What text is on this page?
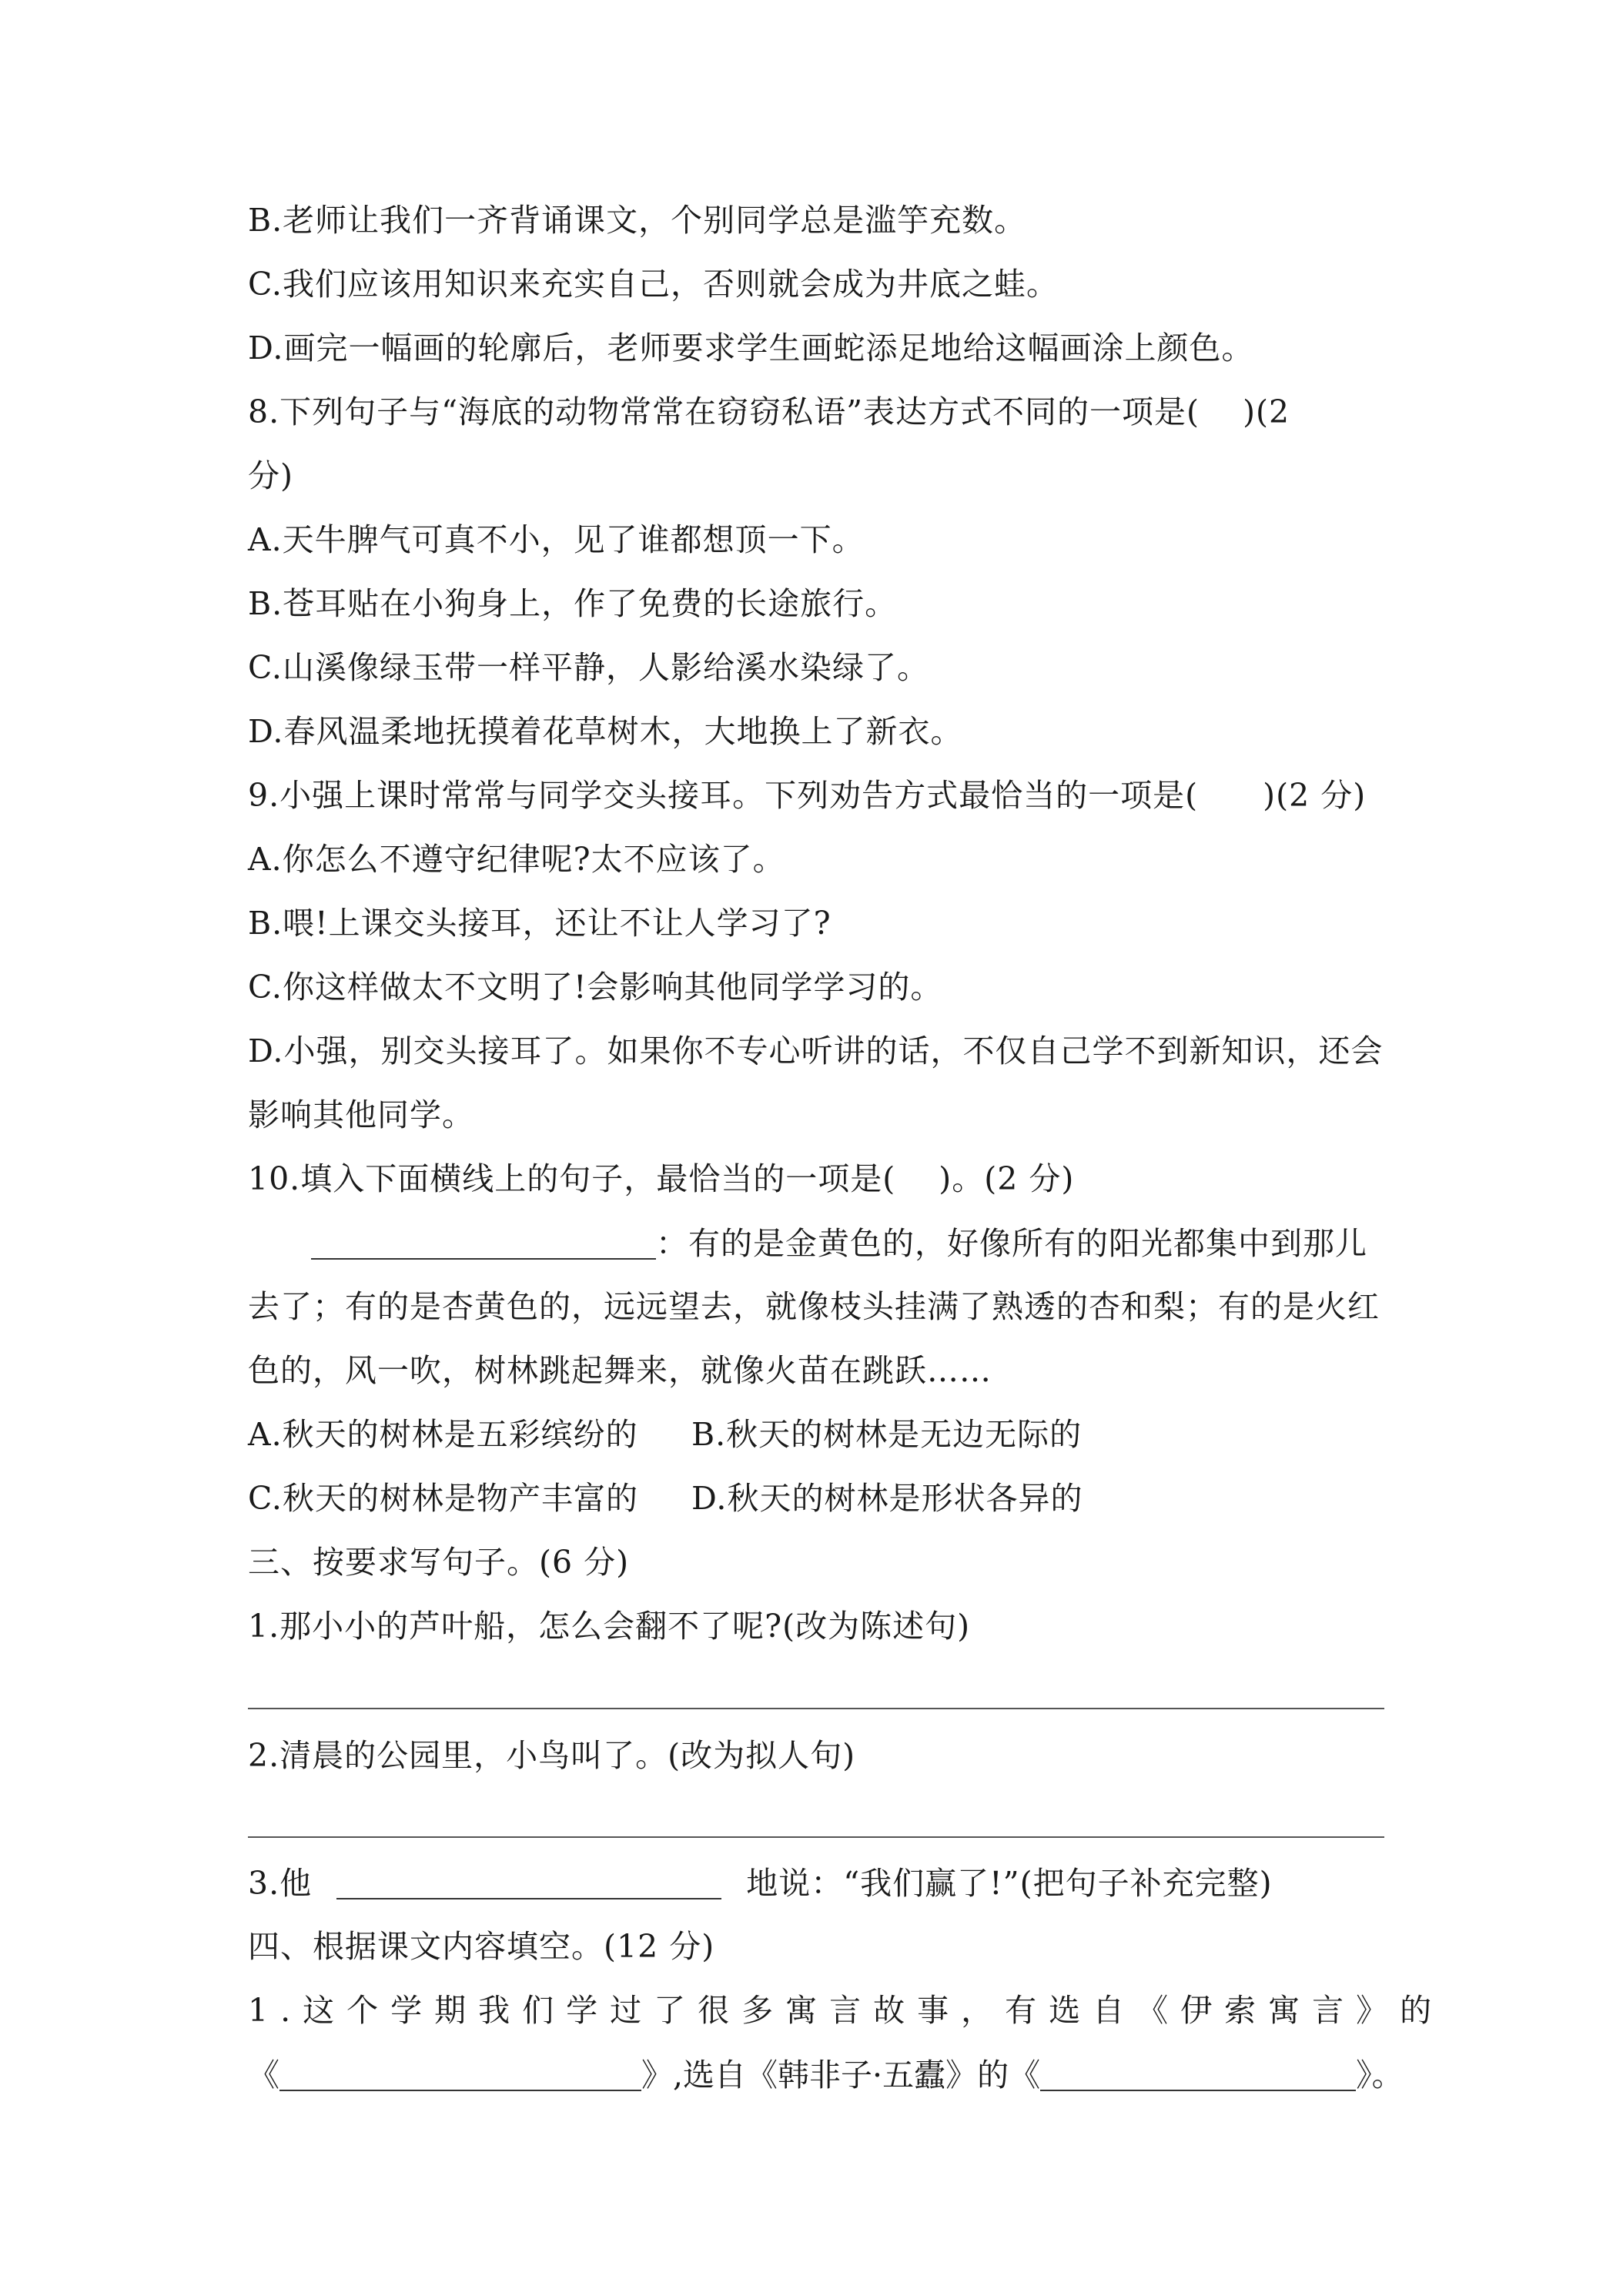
B.老师让我们一齐背诵课文，个别同学总是滥竽充数。
C.我们应该用知识来充实自己，否则就会成为井底之蛙。
D.画完一幅画的轮廓后，老师要求学生画蛇添足地给这幅画涂上颜色。
8.下列句子与“海底的动物常常在窃窃私语”表达方式不同的一项是(　 )(2
分)
A.天牛脾气可真不小，见了谁都想顶一下。
B.苍耳贴在小狗身上，作了免费的长途旅行。
C.山溪像绿玉带一样平静，人影给溪水染绿了。
D.春风温柔地抚摸着花草树木，大地换上了新衣。
9.小强上课时常常与同学交头接耳。下列劝告方式最恰当的一项是(　　)(2 分)
A.你怎么不遵守纪律呢?太不应该了。
B.喂!上课交头接耳，还让不让人学习了?
C.你这样做太不文明了!会影响其他同学学习的。
D.小强，别交头接耳了。如果你不专心听讲的话，不仅自己学不到新知识，还会
影响其他同学。
10.填入下面横线上的句子，最恰当的一项是(　 )。(2 分)
：有的是金黄色的，好像所有的阳光都集中到那儿
去了；有的是杏黄色的，远远望去，就像枝头挂满了熟透的杏和梨；有的是火红
色的，风一吹，树林跳起舞来，就像火苗在跳跃……
A.秋天的树林是五彩缤纷的 B.秋天的树林是无边无际的
C.秋天的树林是物产丰富的 D.秋天的树林是形状各异的
三、按要求写句子。(6 分)
1.那小小的芦叶船，怎么会翻不了呢?(改为陈述句)
2.清晨的公园里，小鸟叫了。(改为拟人句)
3.他	地说：“我们赢了!”(把句子补充完整)
四、根据课文内容填空。(12 分)
1.这个学期我们学过了很多寓言故事，有选自《伊索寓言》的
《	》,选自《韩非子·五蠹》的《	》。
